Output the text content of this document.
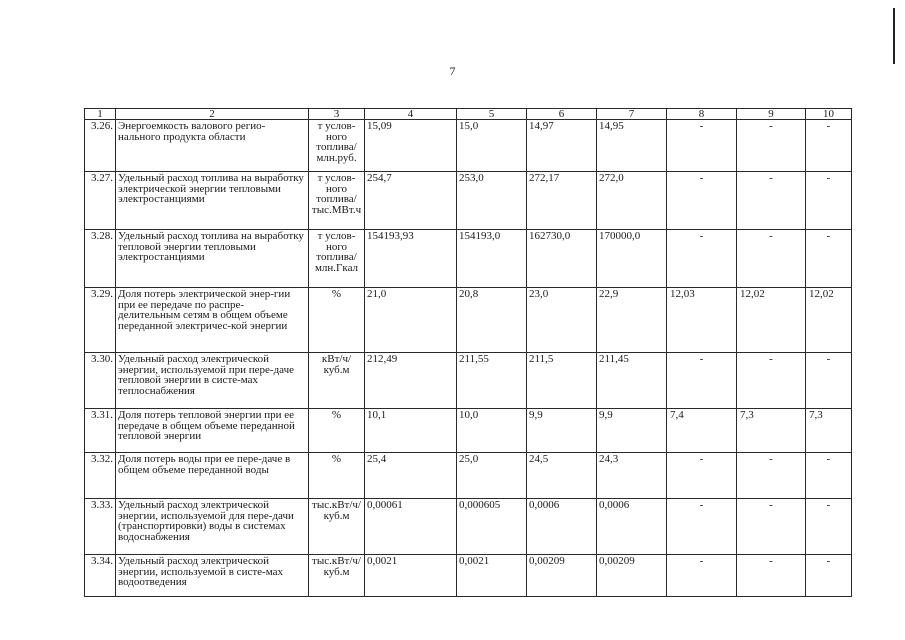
7
1	2	3	4	5	6	7	8	9	10
3.26.	Энергоемкость валового регио-нального продукта области	т услов-ного топлива/ млн.руб.	15,09	15,0	14,97	14,95	-	-	-
3.27.	Удельный расход топлива на выработку электрической энергии тепловыми электростанциями	т услов-ного топлива/ тыс.МВт.ч	254,7	253,0	272,17	272,0	-	-	-
3.28.	Удельный расход топлива на выработку тепловой энергии тепловыми электростанциями	т услов-ного топлива/ млн.Гкал	154193,93	154193,0	162730,0	170000,0	-	-	-
3.29.	Доля потерь электрической энер-гии при ее передаче по распре-делительным сетям в общем объеме переданной электричес-кой энергии	%	21,0	20,8	23,0	22,9	12,03	12,02	12,02
3.30.	Удельный расход электрической энергии, используемой при пере-даче тепловой энергии в систе-мах теплоснабжения	кВт/ч/куб.м	212,49	211,55	211,5	211,45	-	-	-
3.31.	Доля потерь тепловой энергии при ее передаче в общем объеме переданной тепловой энергии	%	10,1	10,0	9,9	9,9	7,4	7,3	7,3
3.32.	Доля потерь воды при ее пере-даче в общем объеме переданной воды	%	25,4	25,0	24,5	24,3	-	-	-
3.33.	Удельный расход электрической энергии, используемой для пере-дачи (транспортировки) воды в системах водоснабжения	тыс.кВт/ч/ куб.м	0,00061	0,000605	0,0006	0,0006	-	-	-
3.34.	Удельный расход электрической энергии, используемой в систе-мах водоотведения	тыс.кВт/ч/ куб.м	0,0021	0,0021	0,00209	0,00209	-	-	-
